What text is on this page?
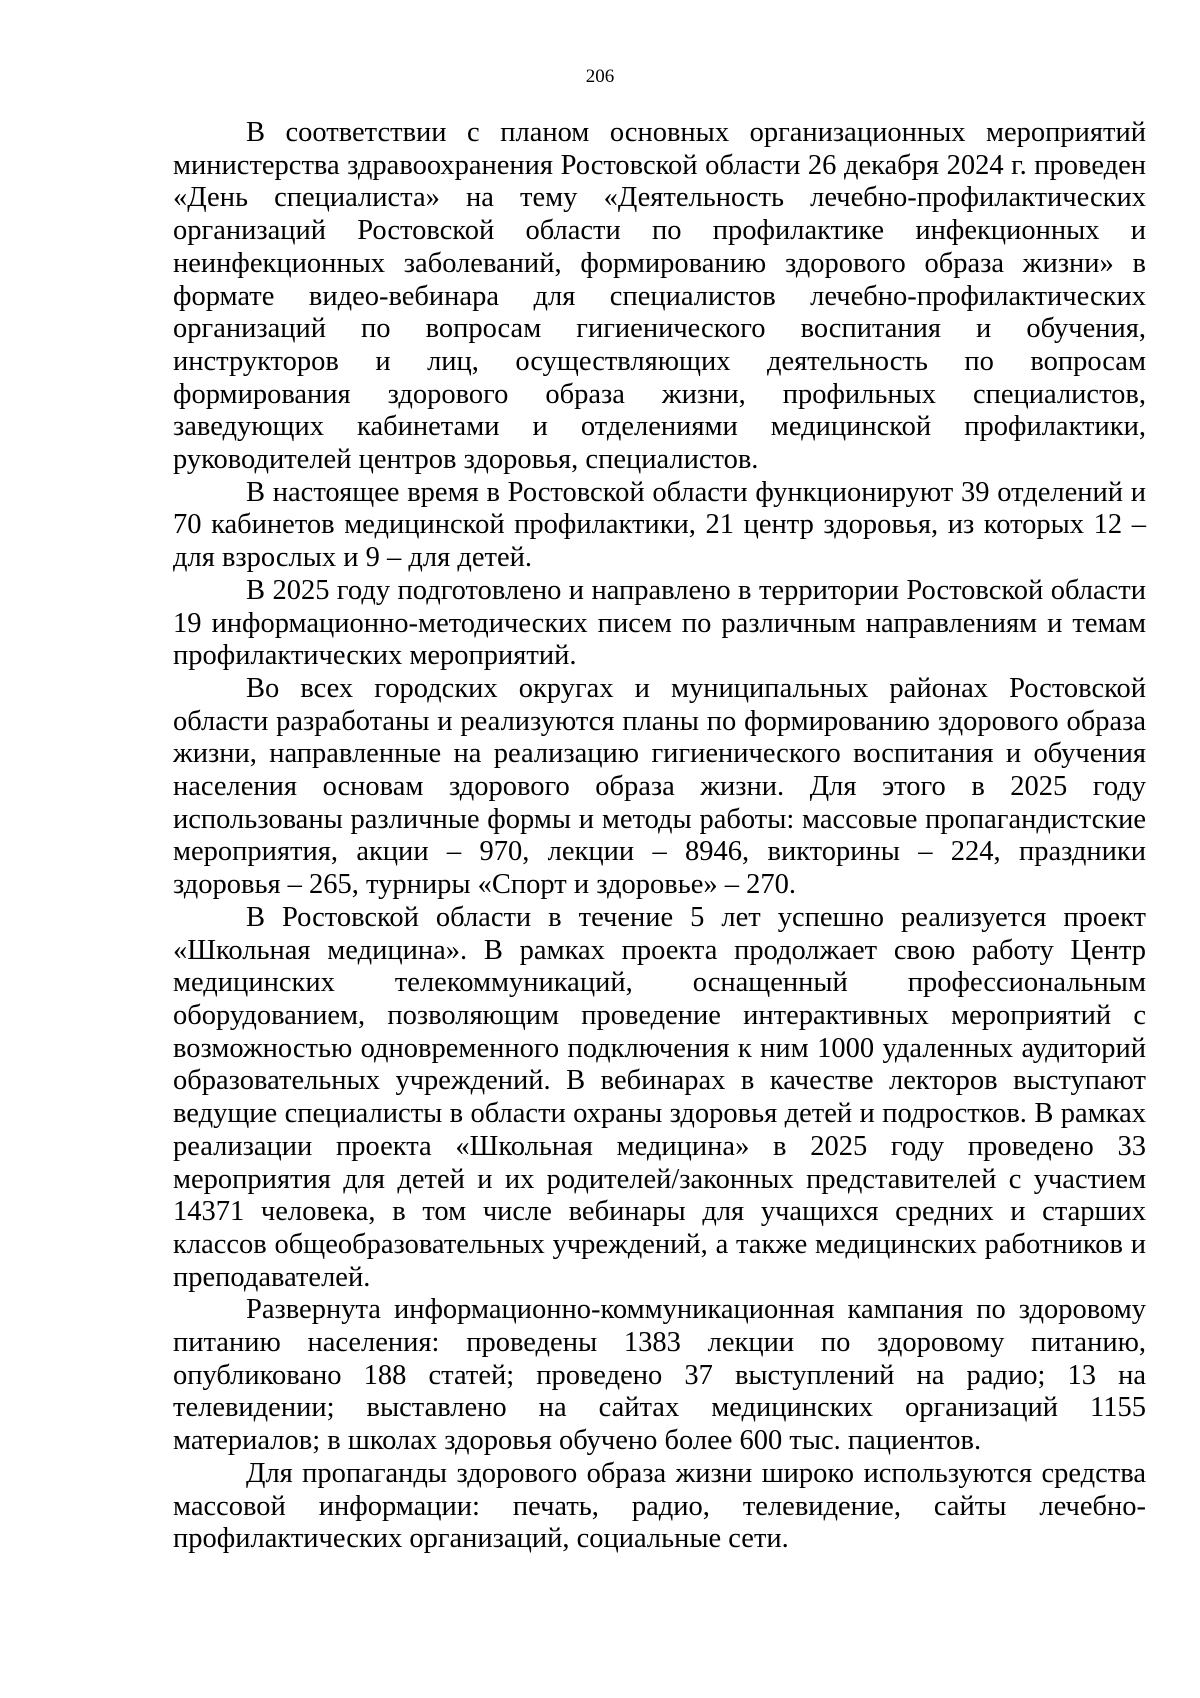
206

В соответствии с планом основных организационных мероприятий министерства здравоохранения Ростовской области 26 декабря 2024 г. проведен «День специалиста» на тему «Деятельность лечебно-профилактических организаций Ростовской области по профилактике инфекционных и неинфекционных заболеваний, формированию здорового образа жизни» в формате видео-вебинара для специалистов лечебно-профилактических организаций по вопросам гигиенического воспитания и обучения, инструкторов и лиц, осуществляющих деятельность по вопросам формирования здорового образа жизни, профильных специалистов, заведующих кабинетами и отделениями медицинской профилактики, руководителей центров здоровья, специалистов.

В настоящее время в Ростовской области функционируют 39 отделений и 70 кабинетов медицинской профилактики, 21 центр здоровья, из которых 12 – для взрослых и 9 – для детей.

В 2025 году подготовлено и направлено в территории Ростовской области 19 информационно-методических писем по различным направлениям и темам профилактических мероприятий.

Во всех городских округах и муниципальных районах Ростовской области разработаны и реализуются планы по формированию здорового образа жизни, направленные на реализацию гигиенического воспитания и обучения населения основам здорового образа жизни. Для этого в 2025 году использованы различные формы и методы работы: массовые пропагандистские мероприятия, акции – 970, лекции – 8946, викторины – 224, праздники здоровья – 265, турниры «Спорт и здоровье» – 270.

В Ростовской области в течение 5 лет успешно реализуется проект «Школьная медицина». В рамках проекта продолжает свою работу Центр медицинских телекоммуникаций, оснащенный профессиональным оборудованием, позволяющим проведение интерактивных мероприятий с возможностью одновременного подключения к ним 1000 удаленных аудиторий образовательных учреждений. В вебинарах в качестве лекторов выступают ведущие специалисты в области охраны здоровья детей и подростков. В рамках реализации проекта «Школьная медицина» в 2025 году проведено 33 мероприятия для детей и их родителей/законных представителей с участием 14371 человека, в том числе вебинары для учащихся средних и старших классов общеобразовательных учреждений, а также медицинских работников и преподавателей.

Развернута информационно-коммуникационная кампания по здоровому питанию населения: проведены 1383 лекции по здоровому питанию, опубликовано 188 статей; проведено 37 выступлений на радио; 13 на телевидении; выставлено на сайтах медицинских организаций 1155 материалов; в школах здоровья обучено более 600 тыс. пациентов.

Для пропаганды здорового образа жизни широко используются средства массовой информации: печать, радио, телевидение, сайты лечебно-профилактических организаций, социальные сети.
